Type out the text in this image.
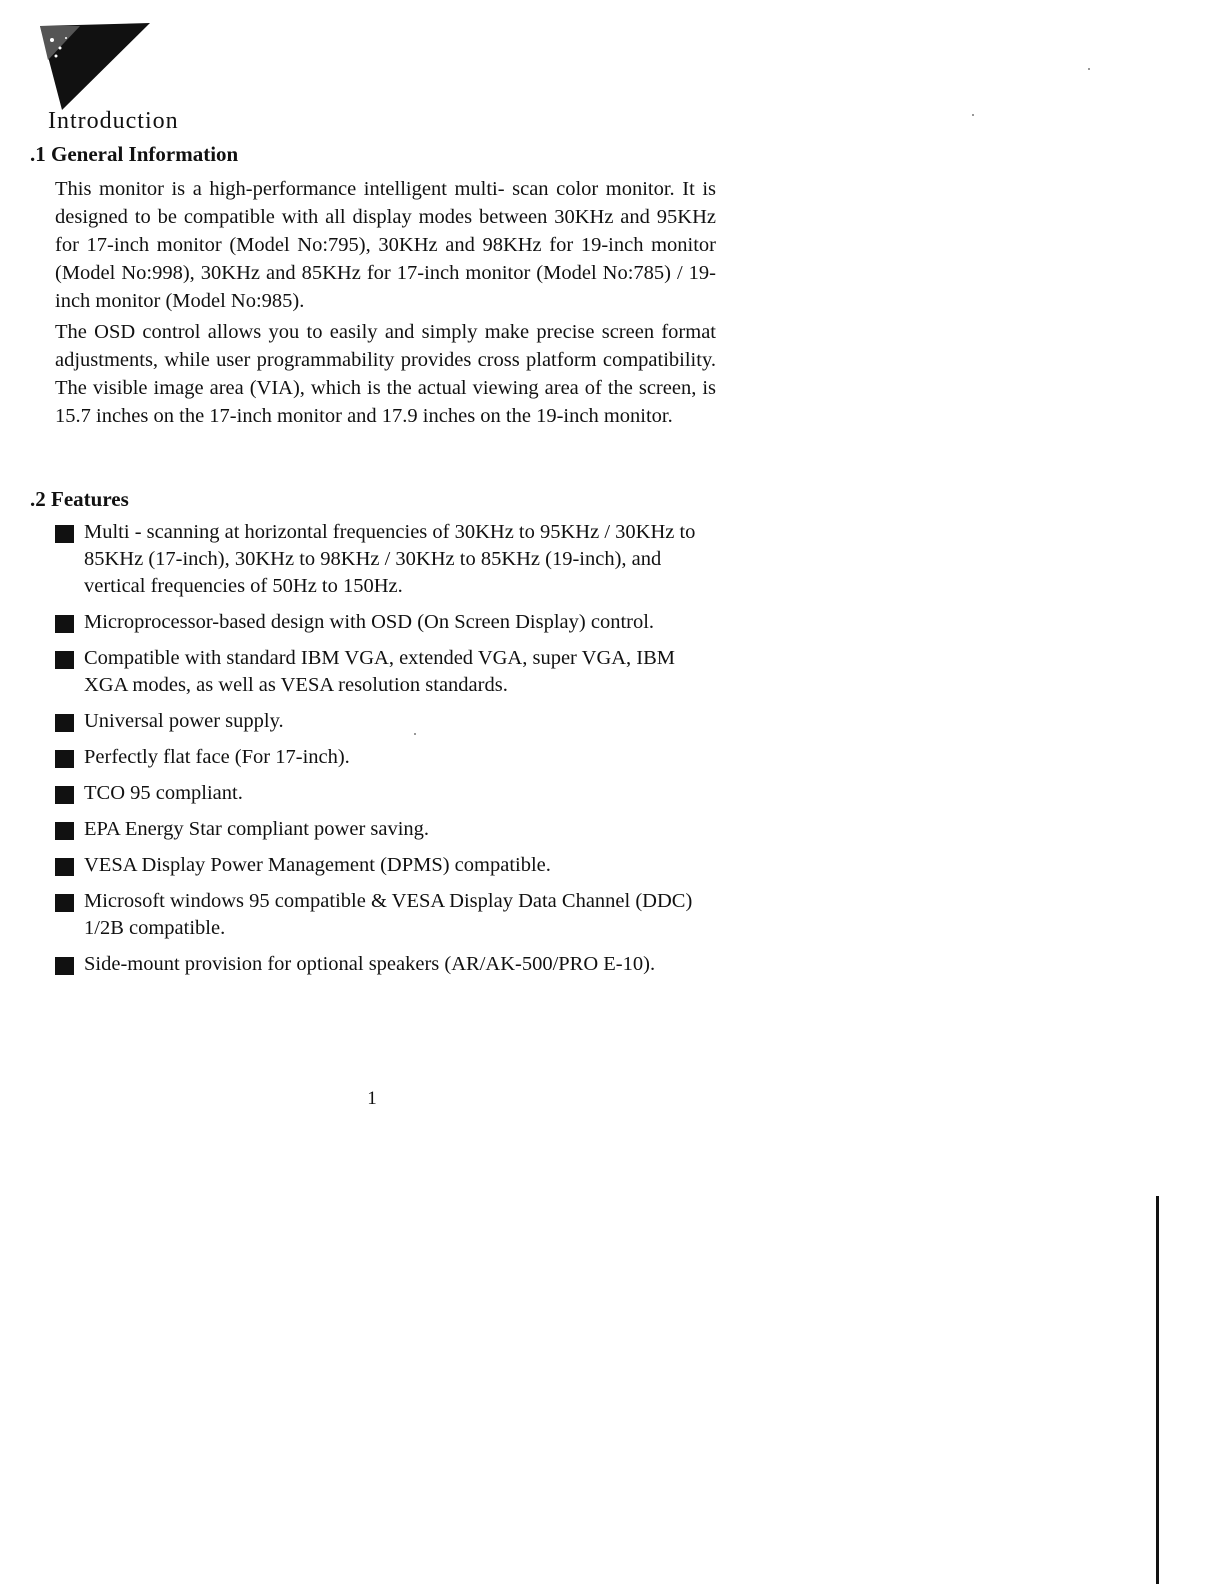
Introduction
.1 General Information

This monitor is a high-performance intelligent multi- scan color monitor. It is designed to be compatible with all display modes between 30KHz and 95KHz for 17-inch monitor (Model No:795), 30KHz and 98KHz for 19-inch monitor (Model No:998), 30KHz and 85KHz for 17-inch monitor (Model No:785) / 19-inch monitor (Model No:985).

The OSD control allows you to easily and simply make precise screen format adjustments, while user programmability provides cross platform compatibility. The visible image area (VIA), which is the actual viewing area of the screen, is 15.7 inches on the 17-inch monitor and 17.9 inches on the 19-inch monitor.

.2 Features
Multi - scanning at horizontal frequencies of 30KHz to 95KHz / 30KHz to 85KHz (17-inch), 30KHz to 98KHz / 30KHz to 85KHz (19-inch), and vertical frequencies of 50Hz to 150Hz.
Microprocessor-based design with OSD (On Screen Display) control.
Compatible with standard IBM VGA, extended VGA, super VGA, IBM XGA modes, as well as VESA resolution standards.
Universal power supply.
Perfectly flat face (For 17-inch).
TCO 95 compliant.
EPA Energy Star compliant power saving.
VESA Display Power Management (DPMS) compatible.
Microsoft windows 95 compatible & VESA Display Data Channel (DDC) 1/2B compatible.
Side-mount provision for optional speakers (AR/AK-500/PRO E-10).
1
